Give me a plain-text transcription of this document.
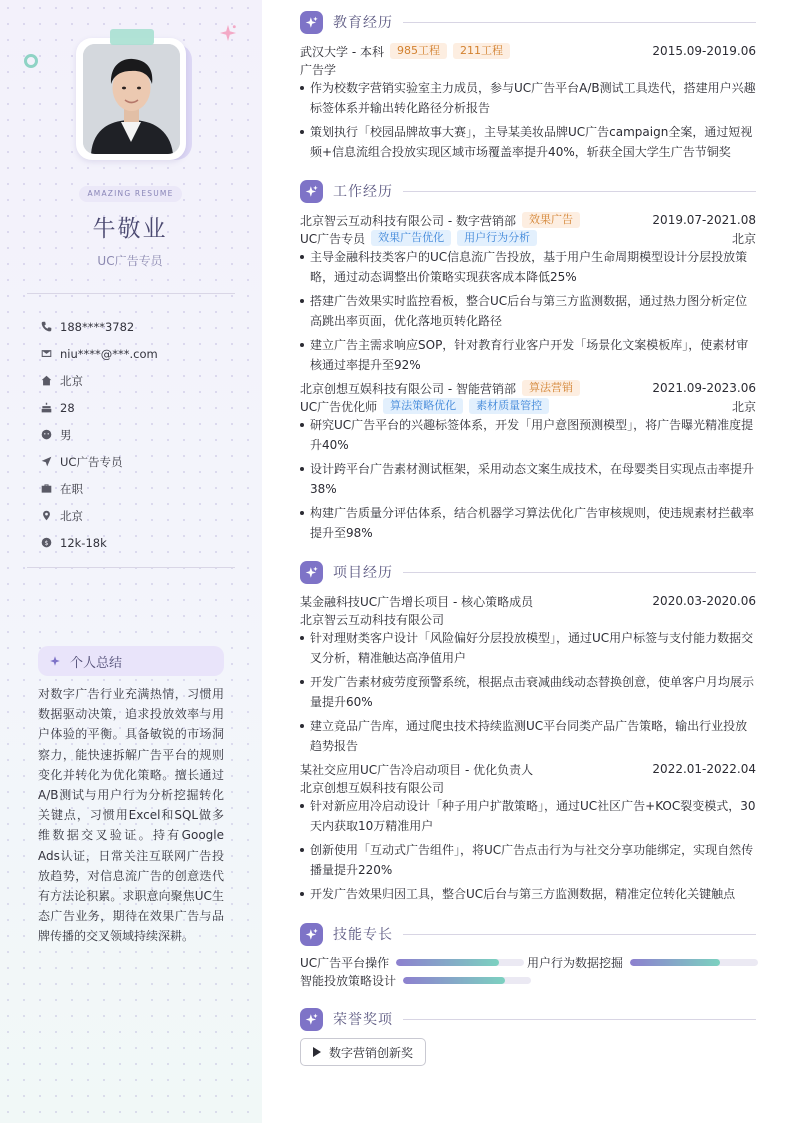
AMAZING RESUME
牛敬业
UC广告专员
188****3782
niu****@***.com
北京
28
男
UC广告专员
在职
北京
$ 12k-18k
个人总结

对数字广告行业充满热情，习惯用数据驱动决策，追求投放效率与用户体验的平衡。具备敏锐的市场洞察力，能快速拆解广告平台的规则变化并转化为优化策略。擅长通过A/B测试与用户行为分析挖掘转化关键点，习惯用Excel和SQL做多维数据交叉验证。持有Google Ads认证，日常关注互联网广告投放趋势，对信息流广告的创意迭代有方法论积累。求职意向聚焦UC生态广告业务，期待在效果广告与品牌传播的交叉领域持续深耕。

教育经历
武汉大学 - 本科	985工程	211工程	2015.09-2019.06
广告学
作为校数字营销实验室主力成员，参与UC广告平台A/B测试工具迭代，搭建用户兴趣标签体系并输出转化路径分析报告
策划执行「校园品牌故事大赛」，主导某美妆品牌UC广告campaign全案，通过短视频+信息流组合投放实现区域市场覆盖率提升40%，斩获全国大学生广告节铜奖
工作经历
北京智云互动科技有限公司 - 数字营销部	效果广告	2019.07-2021.08
UC广告专员	效果广告优化	用户行为分析	北京
主导金融科技类客户的UC信息流广告投放，基于用户生命周期模型设计分层投放策略，通过动态调整出价策略实现获客成本降低25%
搭建广告效果实时监控看板，整合UC后台与第三方监测数据，通过热力图分析定位高跳出率页面，优化落地页转化路径
建立广告主需求响应SOP，针对教育行业客户开发「场景化文案模板库」，使素材审核通过率提升至92%
北京创想互娱科技有限公司 - 智能营销部	算法营销	2021.09-2023.06
UC广告优化师	算法策略优化	素材质量管控	北京
研究UC广告平台的兴趣标签体系，开发「用户意图预测模型」，将广告曝光精准度提升40%
设计跨平台广告素材测试框架，采用动态文案生成技术，在母婴类目实现点击率提升38%
构建广告质量分评估体系，结合机器学习算法优化广告审核规则，使违规素材拦截率提升至98%
项目经历
某金融科技UC广告增长项目 - 核心策略成员	2020.03-2020.06
北京智云互动科技有限公司
针对理财类客户设计「风险偏好分层投放模型」，通过UC用户标签与支付能力数据交叉分析，精准触达高净值用户
开发广告素材疲劳度预警系统，根据点击衰减曲线动态替换创意，使单客户月均展示量提升60%
建立竞品广告库，通过爬虫技术持续监测UC平台同类产品广告策略，输出行业投放趋势报告
某社交应用UC广告冷启动项目 - 优化负责人	2022.01-2022.04
北京创想互娱科技有限公司
针对新应用冷启动设计「种子用户扩散策略」，通过UC社区广告+KOC裂变模式，30天内获取10万精准用户
创新使用「互动式广告组件」，将UC广告点击行为与社交分享功能绑定，实现自然传播量提升220%
开发广告效果归因工具，整合UC后台与第三方监测数据，精准定位转化关键触点
技能专长
UC广告平台操作	用户行为数据挖掘
智能投放策略设计
荣誉奖项
数字营销创新奖
